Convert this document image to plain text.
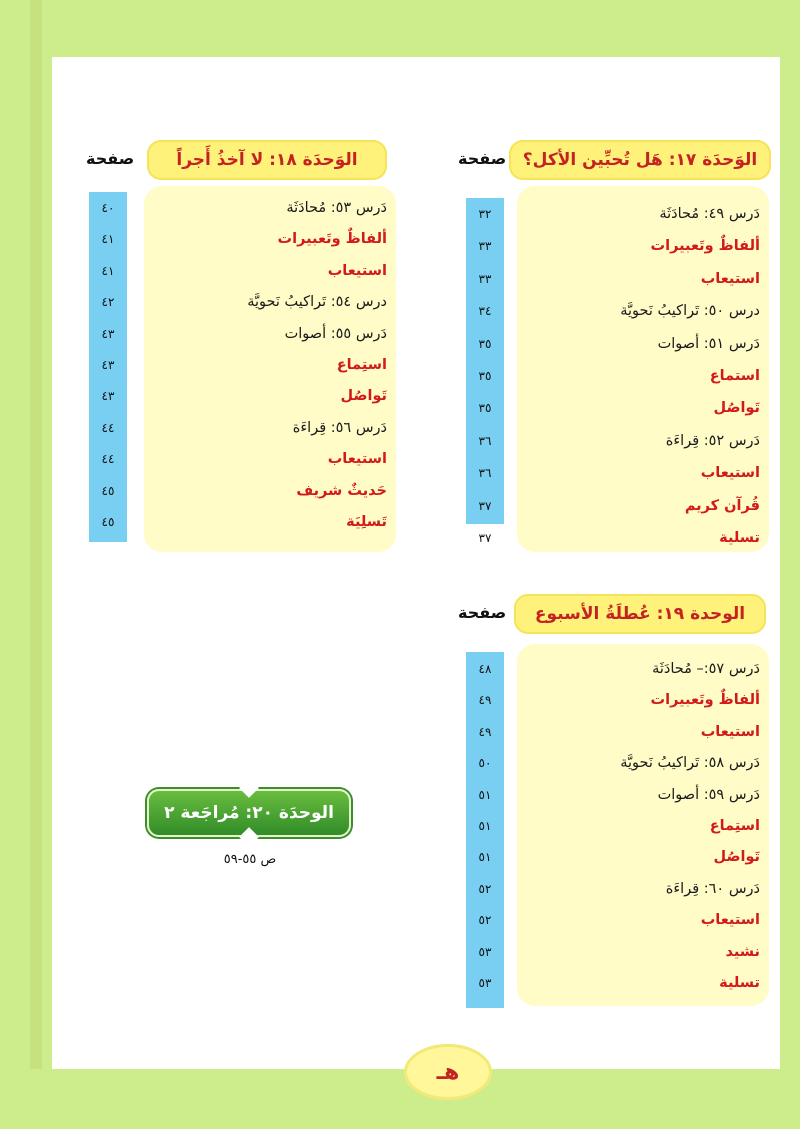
الوَحدَة ١٧: هَل تُحبِّين الأكل؟
صفحة
دَرس ٤٩: مُحادَثَة
٣٢
ألفاظٌ وتَعبيرات
٣٣
استيعاب
٣٣
درس ٥٠: تَراكيبُ نَحويَّة
٣٤
دَرس ٥١: أصوات
٣٥
استماع
٣٥
تَواصُل
٣٥
دَرس ٥٢: قِراءَة
٣٦
استيعاب
٣٦
قُرآن كريم
٣٧
تسلية
٣٧
الوَحدَة ١٨: لا آخذُ أَجراً
صفحة
دَرس ٥٣: مُحادَثَة
٤٠
ألفاظٌ وتَعبيرات
٤١
استيعاب
٤١
درس ٥٤: تَراكيبُ نَحويَّة
٤٢
دَرس ٥٥: أصوات
٤٣
استِماع
٤٣
تَواصُل
٤٣
دَرس ٥٦: قِراءَة
٤٤
استيعاب
٤٤
حَديثٌ شريف
٤٥
تَسلِيَة
٤٥
الوحدة ١٩: عُطلَةُ الأسبوع
صفحة
دَرس ٥٧:– مُحادَثَة
٤٨
ألفاظٌ وتَعبيرات
٤٩
استيعاب
٤٩
دَرس ٥٨: تَراكيبُ نَحويَّة
٥٠
دَرس ٥٩: أصوات
٥١
استِماع
٥١
تَواصُل
٥١
دَرس ٦٠: قِراءَة
٥٢
استيعاب
٥٢
نشيد
٥٣
تسلية
٥٣
الوحدَة ٢٠: مُراجَعة ٢
ص ٥٥-٥٩
هـ
